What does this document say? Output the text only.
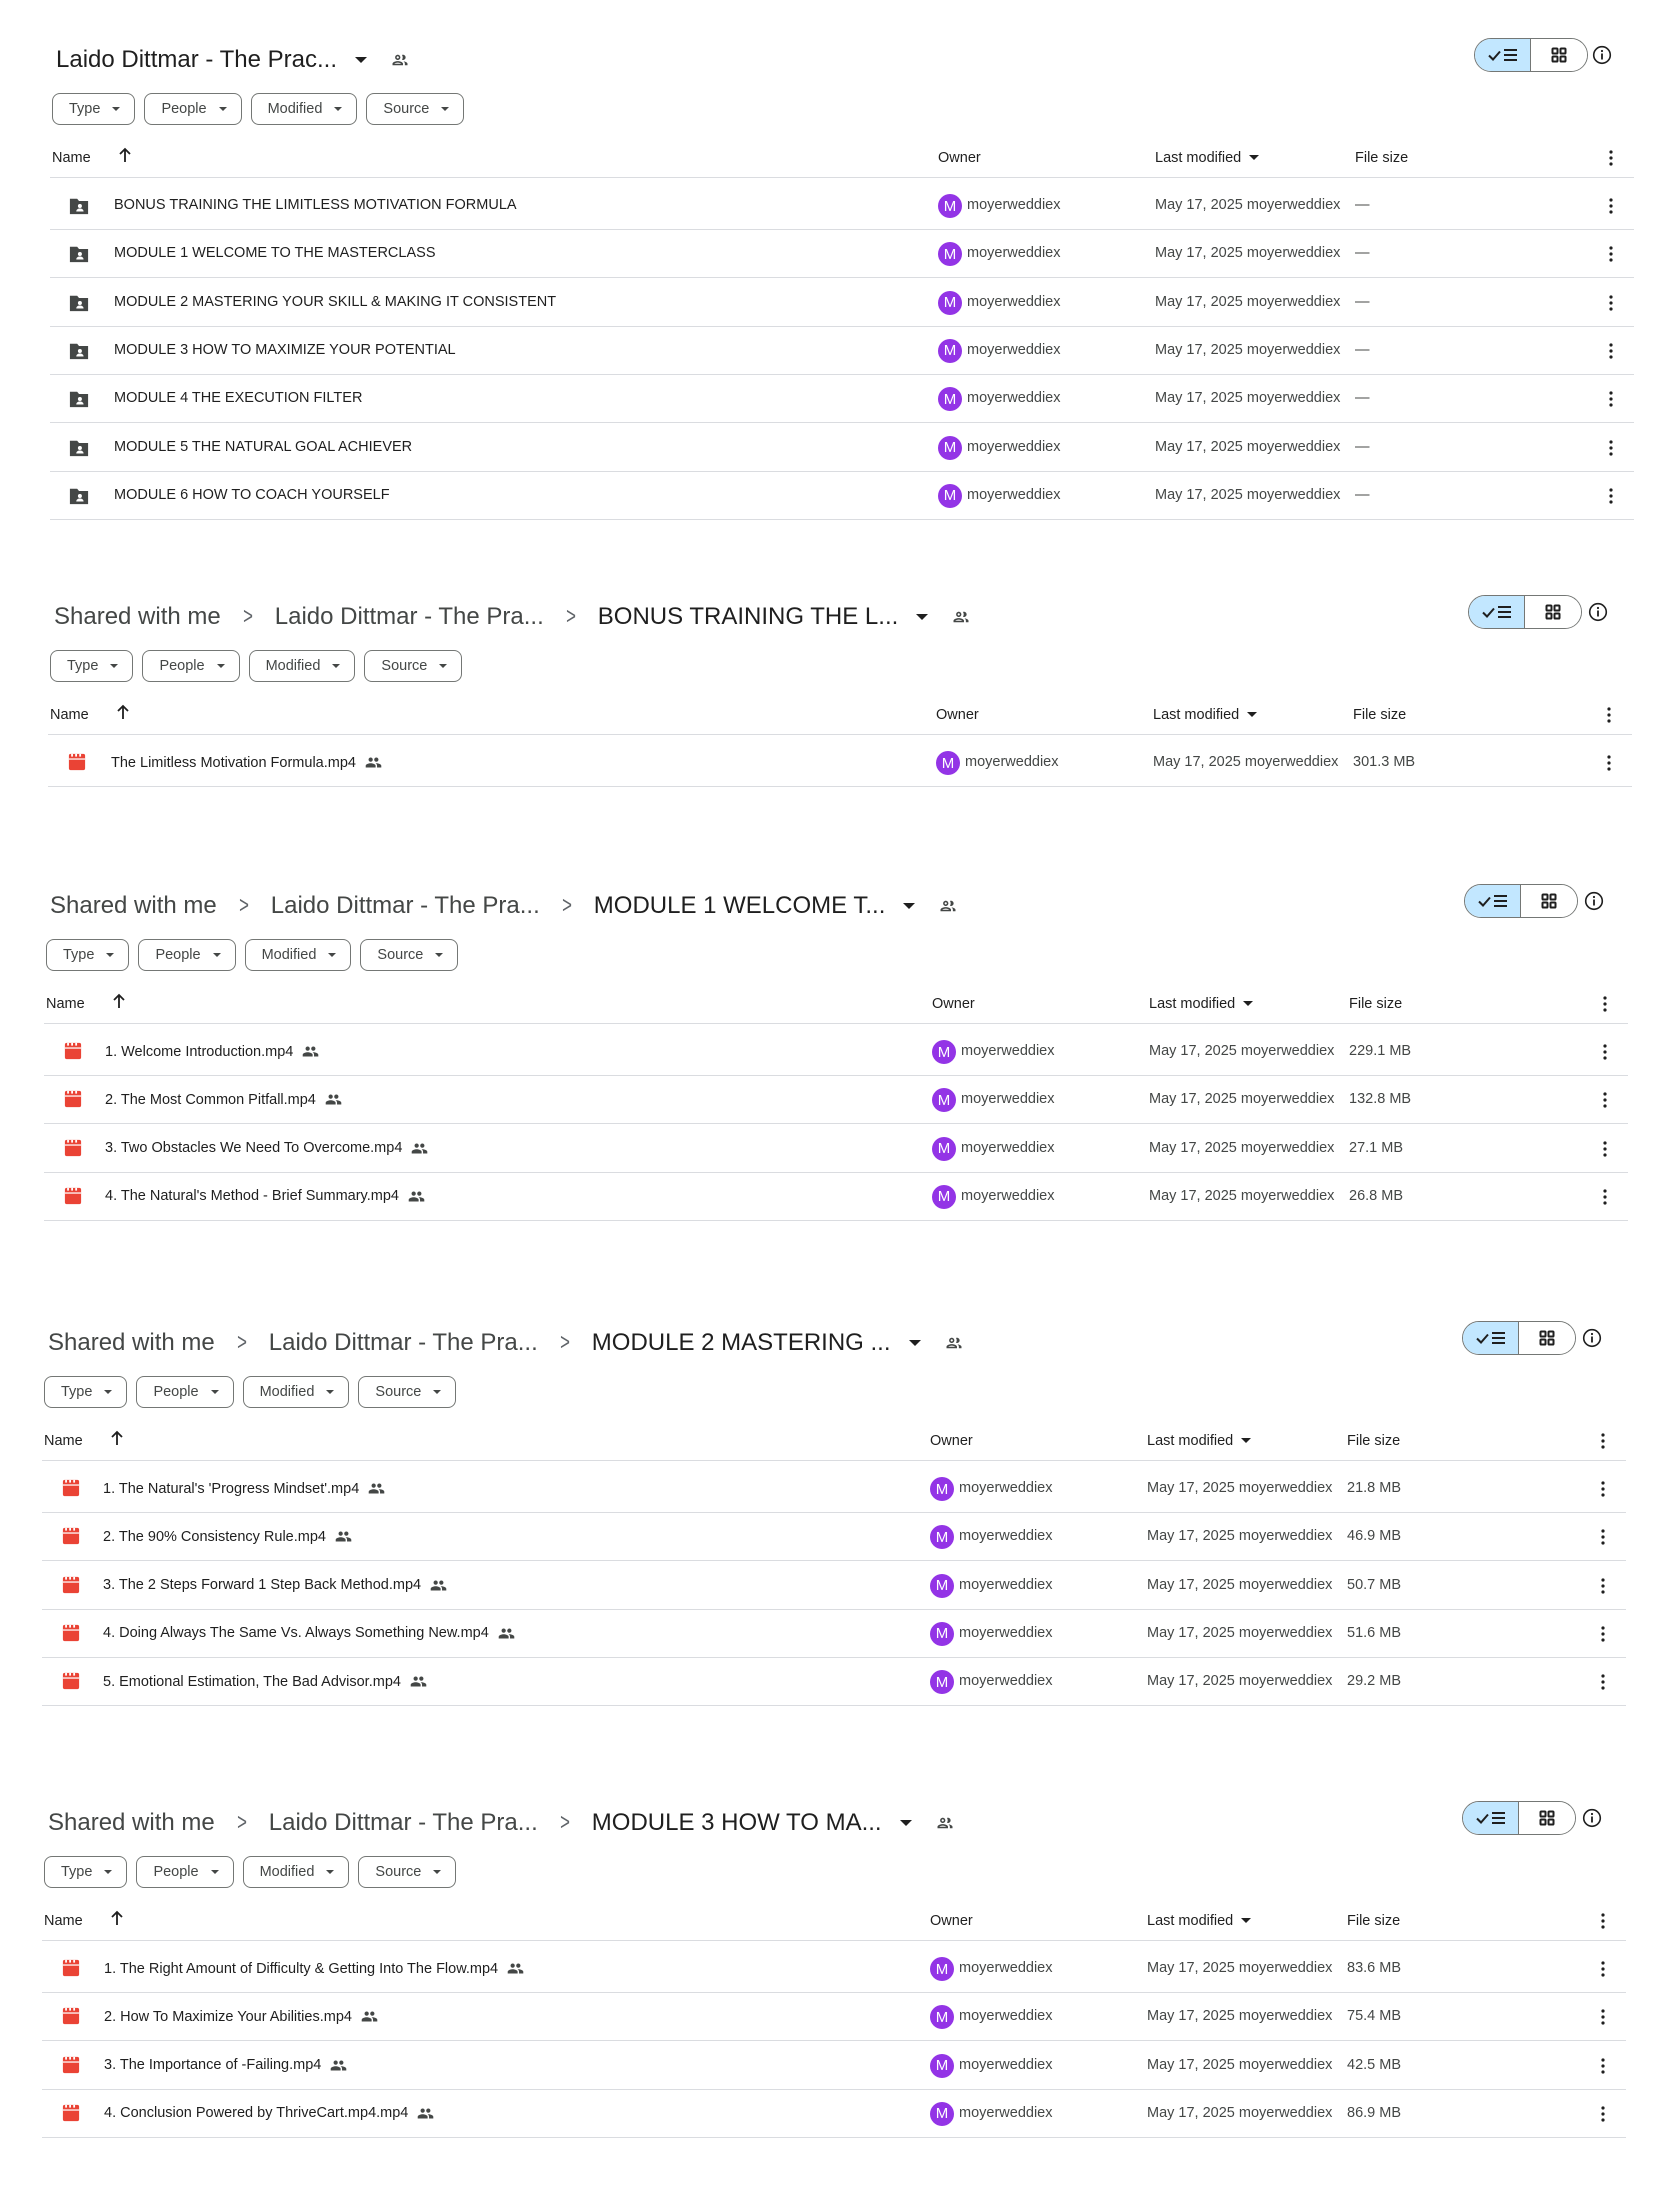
Laido Dittmar - The Prac...
Type	People	Modified	Source
Name	Owner	Last modified	File size
BONUS TRAINING THE LIMITLESS MOTIVATION FORMULA	M moyerweddiex	May 17, 2025 moyerweddiex —
MODULE 1 WELCOME TO THE MASTERCLASS	M moyerweddiex	May 17, 2025 moyerweddiex —
MODULE 2 MASTERING YOUR SKILL & MAKING IT CONSISTENT	M moyerweddiex	May 17, 2025 moyerweddiex —
MODULE 3 HOW TO MAXIMIZE YOUR POTENTIAL	M moyerweddiex	May 17, 2025 moyerweddiex —
MODULE 4 THE EXECUTION FILTER	M moyerweddiex	May 17, 2025 moyerweddiex —
MODULE 5 THE NATURAL GOAL ACHIEVER	M moyerweddiex	May 17, 2025 moyerweddiex —
MODULE 6 HOW TO COACH YOURSELF	M moyerweddiex	May 17, 2025 moyerweddiex —
Shared with me > Laido Dittmar - The Pra... > BONUS TRAINING THE L...
Type	People	Modified	Source
Name	Owner	Last modified	File size
The Limitless Motivation Formula.mp4	M moyerweddiex	May 17, 2025 moyerweddiex 301.3 MB
Shared with me > Laido Dittmar - The Pra... > MODULE 1 WELCOME T...
Type	People	Modified	Source
Name	Owner	Last modified	File size
1. Welcome Introduction.mp4	M moyerweddiex	May 17, 2025 moyerweddiex 229.1 MB
2. The Most Common Pitfall.mp4	M moyerweddiex	May 17, 2025 moyerweddiex 132.8 MB
3. Two Obstacles We Need To Overcome.mp4	M moyerweddiex	May 17, 2025 moyerweddiex 27.1 MB
4. The Natural's Method - Brief Summary.mp4	M moyerweddiex	May 17, 2025 moyerweddiex 26.8 MB
Shared with me > Laido Dittmar - The Pra... > MODULE 2 MASTERING ...
Type	People	Modified	Source
Name	Owner	Last modified	File size
1. The Natural's 'Progress Mindset'.mp4	M moyerweddiex	May 17, 2025 moyerweddiex 21.8 MB
2. The 90% Consistency Rule.mp4	M moyerweddiex	May 17, 2025 moyerweddiex 46.9 MB
3. The 2 Steps Forward 1 Step Back Method.mp4	M moyerweddiex	May 17, 2025 moyerweddiex 50.7 MB
4. Doing Always The Same Vs. Always Something New.mp4	M moyerweddiex	May 17, 2025 moyerweddiex 51.6 MB
5. Emotional Estimation, The Bad Advisor.mp4	M moyerweddiex	May 17, 2025 moyerweddiex 29.2 MB
Shared with me > Laido Dittmar - The Pra... > MODULE 3 HOW TO MA...
Type	People	Modified	Source
Name	Owner	Last modified	File size
1. The Right Amount of Difficulty & Getting Into The Flow.mp4	M moyerweddiex	May 17, 2025 moyerweddiex 83.6 MB
2. How To Maximize Your Abilities.mp4	M moyerweddiex	May 17, 2025 moyerweddiex 75.4 MB
3. The Importance of -Failing.mp4	M moyerweddiex	May 17, 2025 moyerweddiex 42.5 MB
4. Conclusion Powered by ThriveCart.mp4.mp4	M moyerweddiex	May 17, 2025 moyerweddiex 86.9 MB
